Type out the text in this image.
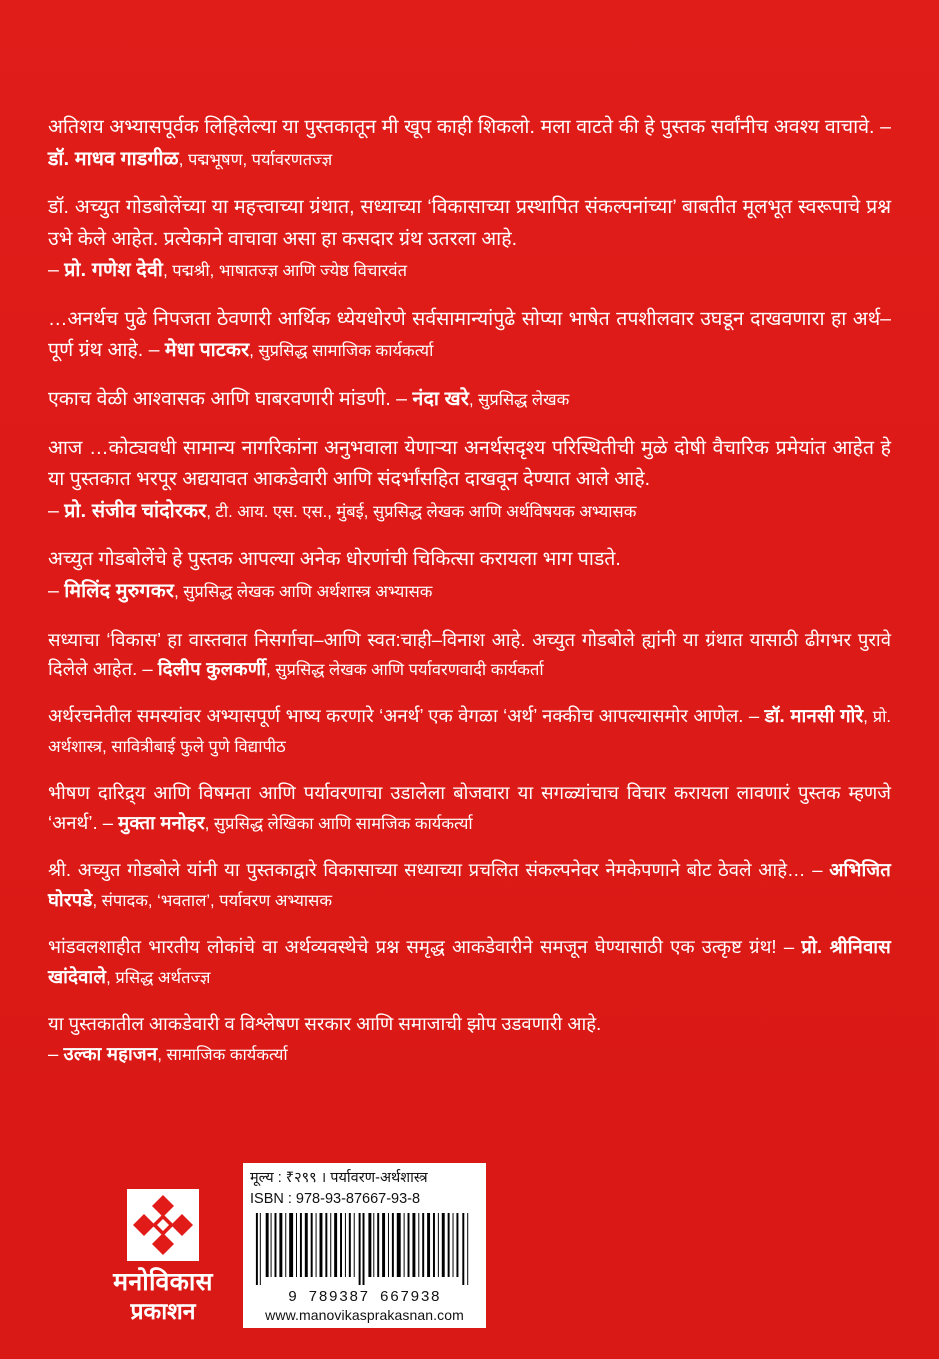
अतिशय अभ्यासपूर्वक लिहिलेल्या या पुस्तकातून मी खूप काही शिकलो. मला वाटते की हे पुस्तक सर्वांनीच अवश्य वाचावे. – डॉ. माधव गाडगीळ, पद्मभूषण, पर्यावरणतज्ज्ञ
डॉ. अच्युत गोडबोलेंच्या या महत्त्वाच्या ग्रंथात, सध्याच्या ‘विकासाच्या प्रस्थापित संकल्पनांच्या’ बाबतीत मूलभूत स्वरूपाचे प्रश्न उभे केले आहेत. प्रत्येकाने वाचावा असा हा कसदार ग्रंथ उतरला आहे.
– प्रो. गणेश देवी, पद्मश्री, भाषातज्ज्ञ आणि ज्येष्ठ विचारवंत
…अनर्थच पुढे निपजता ठेवणारी आर्थिक ध्येयधोरणे सर्वसामान्यांपुढे सोप्या भाषेत तपशीलवार उघडून दाखवणारा हा अर्थ–पूर्ण ग्रंथ आहे. – मेधा पाटकर, सुप्रसिद्ध सामाजिक कार्यकर्त्या
एकाच वेळी आश्वासक आणि घाबरवणारी मांडणी. – नंदा खरे, सुप्रसिद्ध लेखक
आज …कोट्यवधी सामान्य नागरिकांना अनुभवाला येणाऱ्या अनर्थसदृश्य परिस्थितीची मुळे दोषी वैचारिक प्रमेयांत आहेत हे या पुस्तकात भरपूर अद्ययावत आकडेवारी आणि संदर्भांसहित दाखवून देण्यात आले आहे.
– प्रो. संजीव चांदोरकर, टी. आय. एस. एस., मुंबई, सुप्रसिद्ध लेखक आणि अर्थविषयक अभ्यासक
अच्युत गोडबोलेंचे हे पुस्तक आपल्या अनेक धोरणांची चिकित्सा करायला भाग पाडते.
– मिलिंद मुरुगकर, सुप्रसिद्ध लेखक आणि अर्थशास्त्र अभ्यासक
सध्याचा ‘विकास’ हा वास्तवात निसर्गाचा–आणि स्वत:चाही–विनाश आहे. अच्युत गोडबोले ह्यांनी या ग्रंथात यासाठी ढीगभर पुरावे दिलेले आहेत. – दिलीप कुलकर्णी, सुप्रसिद्ध लेखक आणि पर्यावरणवादी कार्यकर्ता
अर्थरचनेतील समस्यांवर अभ्यासपूर्ण भाष्य करणारे ‘अनर्थ’ एक वेगळा ‘अर्थ’ नक्कीच आपल्यासमोर आणेल. – डॉ. मानसी गोरे, प्रो. अर्थशास्त्र, सावित्रीबाई फुले पुणे विद्यापीठ
भीषण दारिद्र्य आणि विषमता आणि पर्यावरणाचा उडालेला बोजवारा या सगळ्यांचाच विचार करायला लावणारं पुस्तक म्हणजे ‘अनर्थ’. – मुक्ता मनोहर, सुप्रसिद्ध लेखिका आणि सामजिक कार्यकर्त्या
श्री. अच्युत गोडबोले यांनी या पुस्तकाद्वारे विकासाच्या सध्याच्या प्रचलित संकल्पनेवर नेमकेपणाने बोट ठेवले आहे… – अभिजित घोरपडे, संपादक, ‘भवताल’, पर्यावरण अभ्यासक
भांडवलशाहीत भारतीय लोकांचे वा अर्थव्यवस्थेचे प्रश्न समृद्ध आकडेवारीने समजून घेण्यासाठी एक उत्कृष्ट ग्रंथ! – प्रो. श्रीनिवास खांदेवाले, प्रसिद्ध अर्थतज्ज्ञ
या पुस्तकातील आकडेवारी व विश्लेषण सरकार आणि समाजाची झोप उडवणारी आहे.
– उल्का महाजन, सामाजिक कार्यकर्त्या
मूल्य : ₹२९९ । पर्यावरण-अर्थशास्त्र
ISBN : 978-93-87667-93-8
9 789387 667938
www.manovikasprakasnan.com
मनोविकास
प्रकाशन
